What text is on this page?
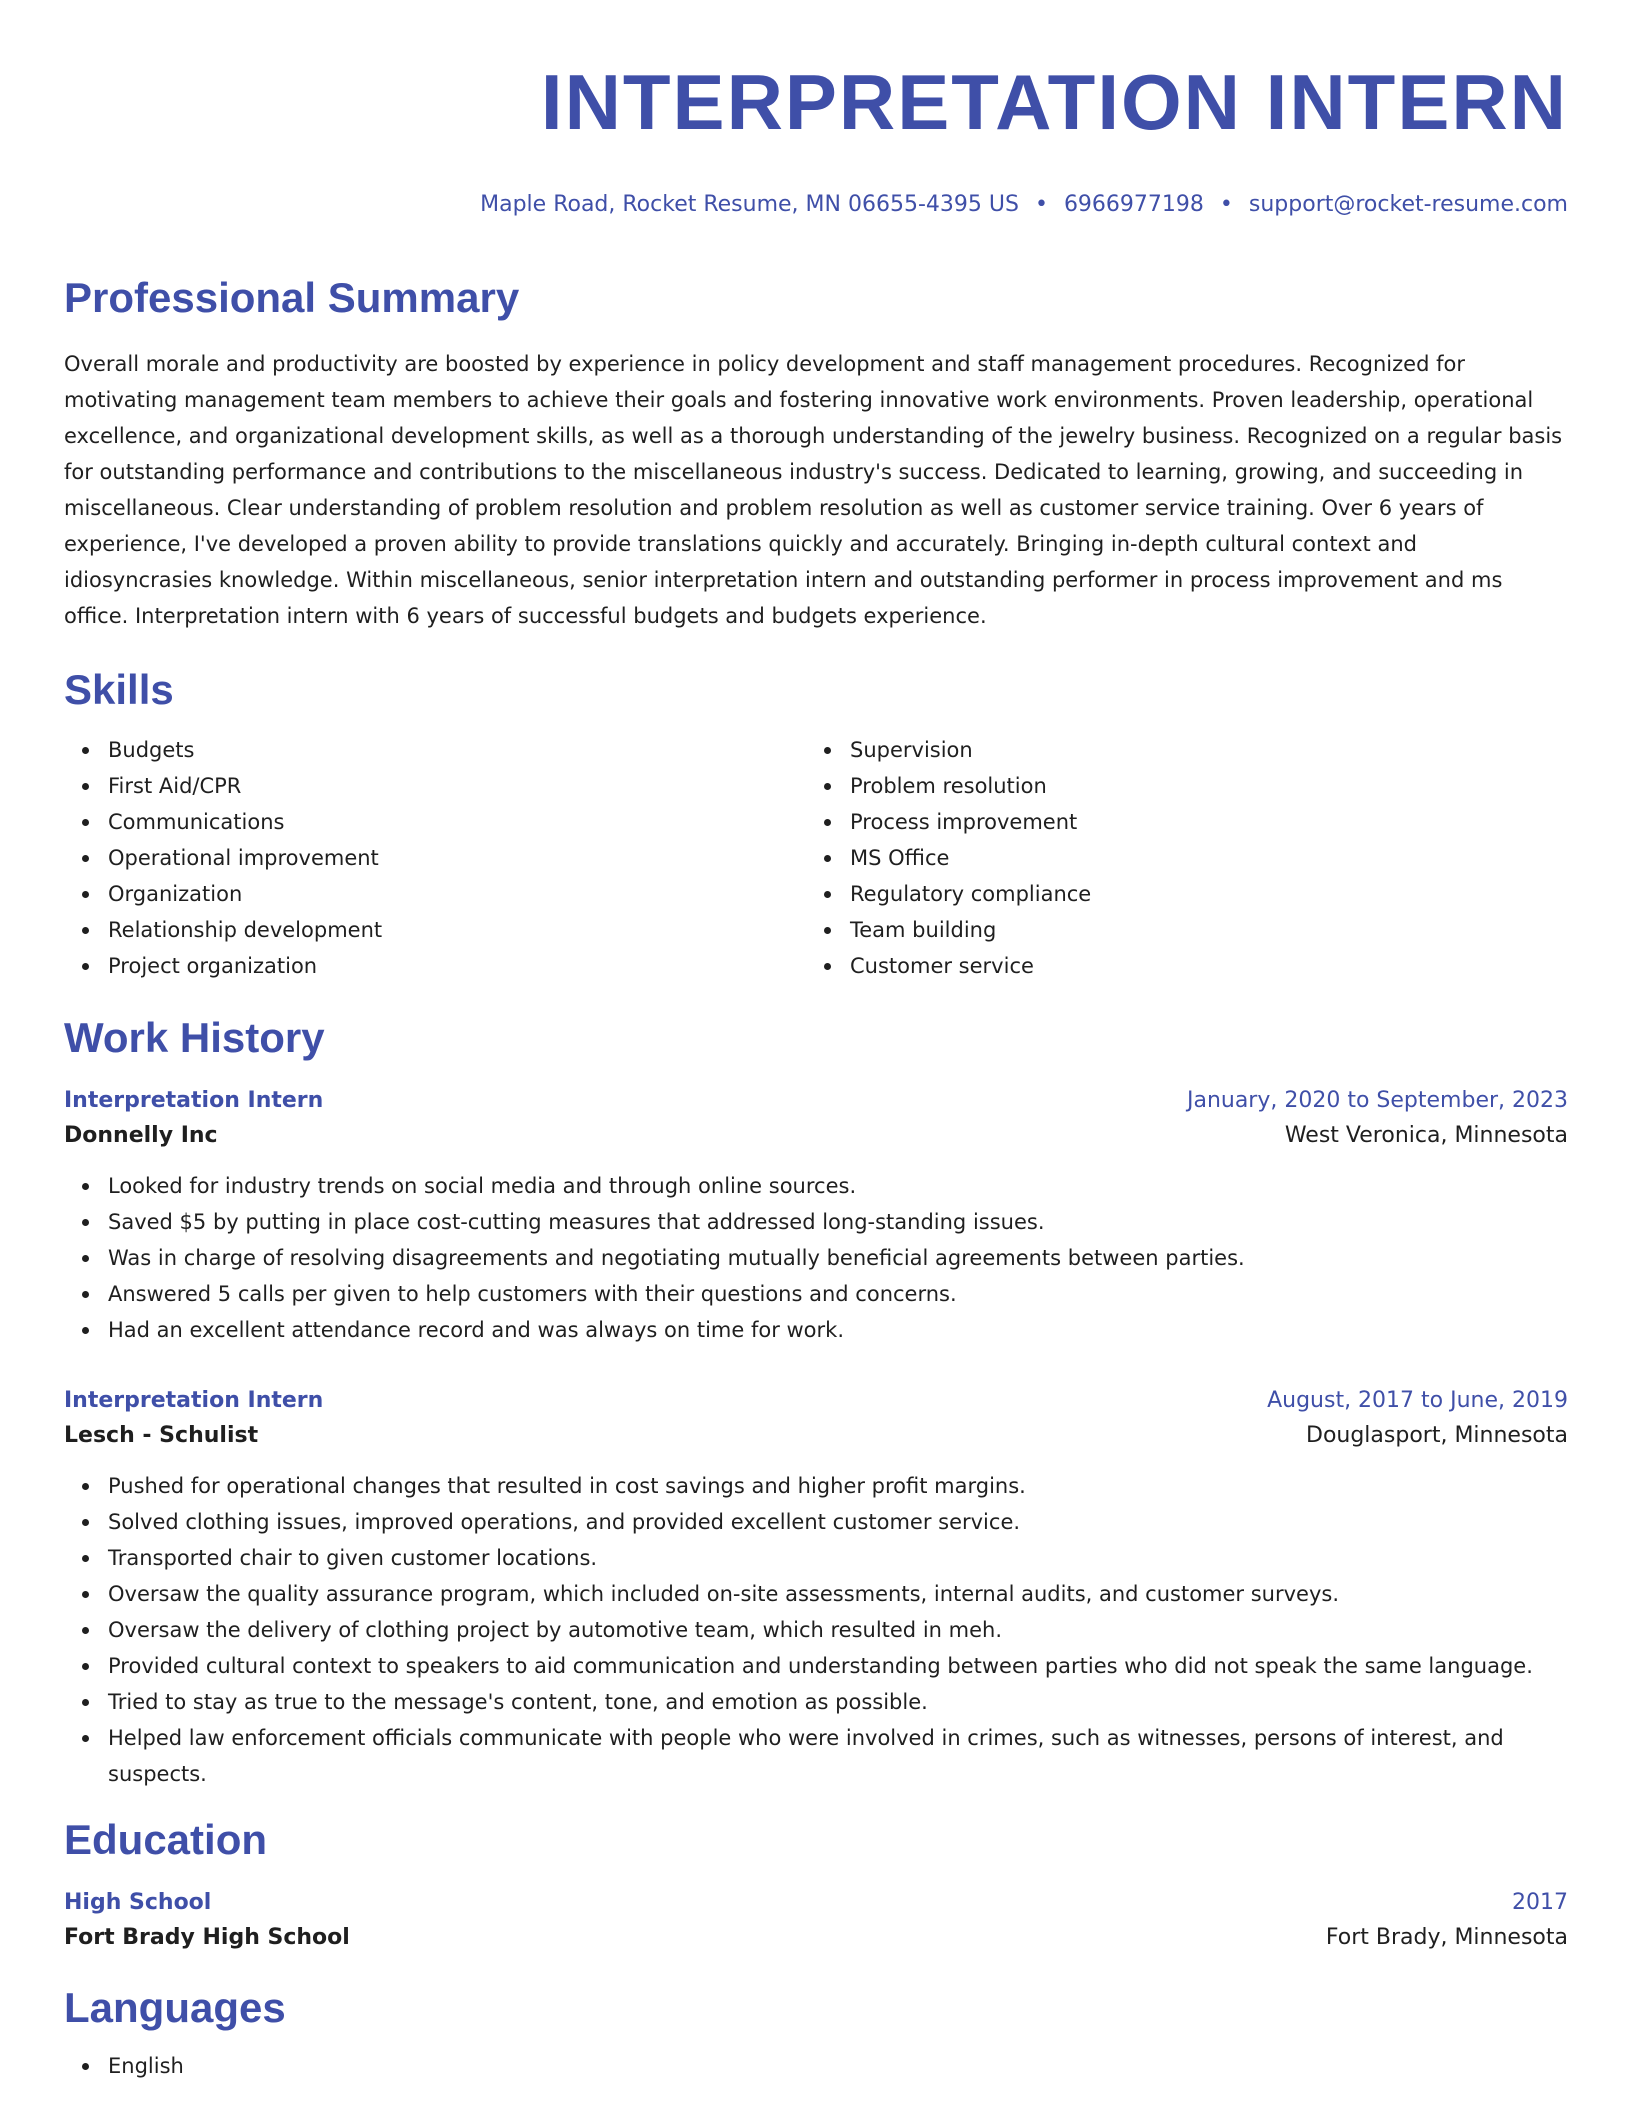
INTERPRETATION INTERN
Maple Road, Rocket Resume, MN 06655-4395 US • 6966977198 • support@rocket-resume.com
Professional Summary
Overall morale and productivity are boosted by experience in policy development and staff management procedures. Recognized for motivating management team members to achieve their goals and fostering innovative work environments. Proven leadership, operational excellence, and organizational development skills, as well as a thorough understanding of the jewelry business. Recognized on a regular basis for outstanding performance and contributions to the miscellaneous industry's success. Dedicated to learning, growing, and succeeding in miscellaneous. Clear understanding of problem resolution and problem resolution as well as customer service training. Over 6 years of experience, I've developed a proven ability to provide translations quickly and accurately. Bringing in-depth cultural context and idiosyncrasies knowledge. Within miscellaneous, senior interpretation intern and outstanding performer in process improvement and ms office. Interpretation intern with 6 years of successful budgets and budgets experience.
Skills
Budgets
First Aid/CPR
Communications
Operational improvement
Organization
Relationship development
Project organization
Supervision
Problem resolution
Process improvement
MS Office
Regulatory compliance
Team building
Customer service
Work History
Interpretation Intern	January, 2020 to September, 2023
Donnelly Inc	West Veronica, Minnesota
Looked for industry trends on social media and through online sources.
Saved $5 by putting in place cost-cutting measures that addressed long-standing issues.
Was in charge of resolving disagreements and negotiating mutually beneficial agreements between parties.
Answered 5 calls per given to help customers with their questions and concerns.
Had an excellent attendance record and was always on time for work.
Interpretation Intern	August, 2017 to June, 2019
Lesch - Schulist	Douglasport, Minnesota
Pushed for operational changes that resulted in cost savings and higher profit margins.
Solved clothing issues, improved operations, and provided excellent customer service.
Transported chair to given customer locations.
Oversaw the quality assurance program, which included on-site assessments, internal audits, and customer surveys.
Oversaw the delivery of clothing project by automotive team, which resulted in meh.
Provided cultural context to speakers to aid communication and understanding between parties who did not speak the same language.
Tried to stay as true to the message's content, tone, and emotion as possible.
Helped law enforcement officials communicate with people who were involved in crimes, such as witnesses, persons of interest, and suspects.
Education
High School	2017
Fort Brady High School	Fort Brady, Minnesota
Languages
English
